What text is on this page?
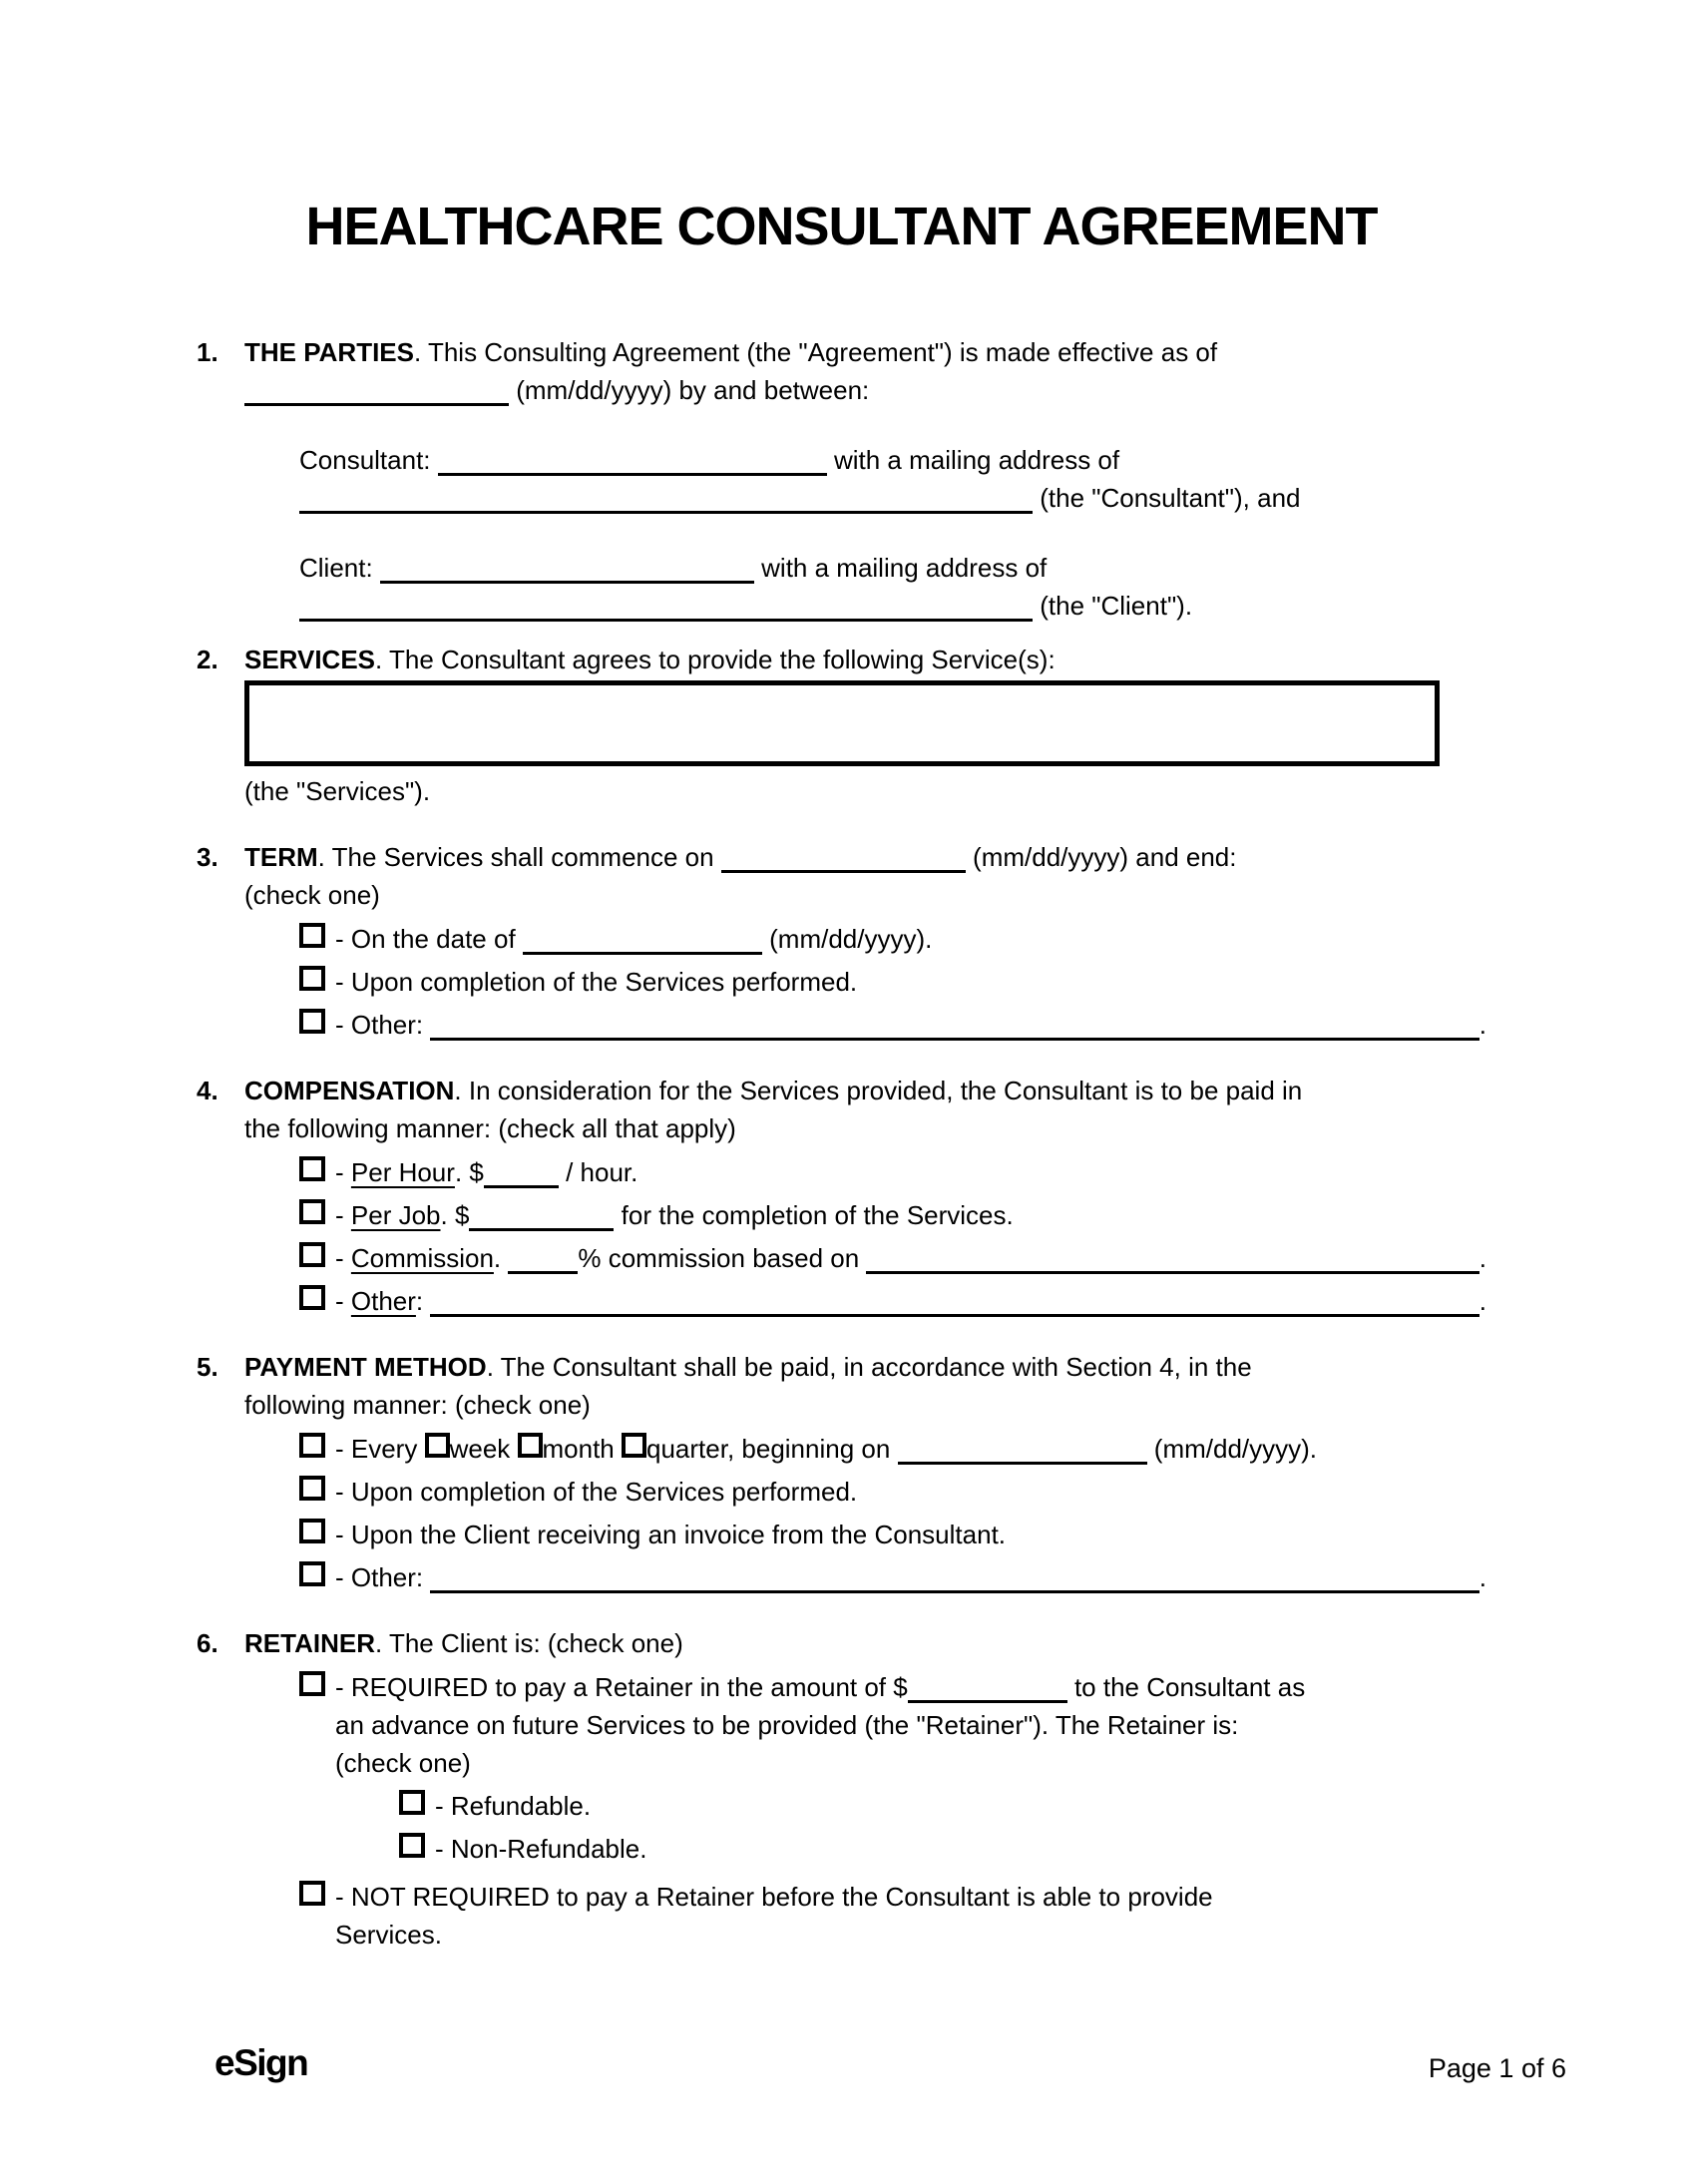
HEALTHCARE CONSULTANT AGREEMENT
1.	THE PARTIES. This Consulting Agreement (the "Agreement") is made effective as of
(mm/dd/yyyy) by and between:

Consultant:	with a mailing address of
(the "Consultant"), and

Client:	with a mailing address of
(the "Client").

2.	SERVICES. The Consultant agrees to provide the following Service(s):

(the "Services").

3.	TERM. The Services shall commence on	(mm/dd/yyyy) and end:
(check one)

- On the date of	(mm/dd/yyyy).
- Upon completion of the Services performed.
- Other:	.
4.	COMPENSATION. In consideration for the Services provided, the Consultant is to be paid in
the following manner: (check all that apply)

- Per Hour . $	/ hour.
- Per Job . $	for the completion of the Services.
- Commission .	% commission based on	.
- Other :	.
5.	PAYMENT METHOD. The Consultant shall be paid, in accordance with Section 4, in the
following manner: (check one)

- Every week month quarter, beginning on	(mm/dd/yyyy).
- Upon completion of the Services performed.
- Upon the Client receiving an invoice from the Consultant.
- Other:	.
6.	RETAINER. The Client is: (check one)

- REQUIRED to pay a Retainer in the amount of $	to the Consultant as
an advance on future Services to be provided (the "Retainer"). The Retainer is:
(check one)
- Refundable.
- Non-Refundable.
- NOT REQUIRED to pay a Retainer before the Consultant is able to provide
Services.
eSign	Page 1 of 6
